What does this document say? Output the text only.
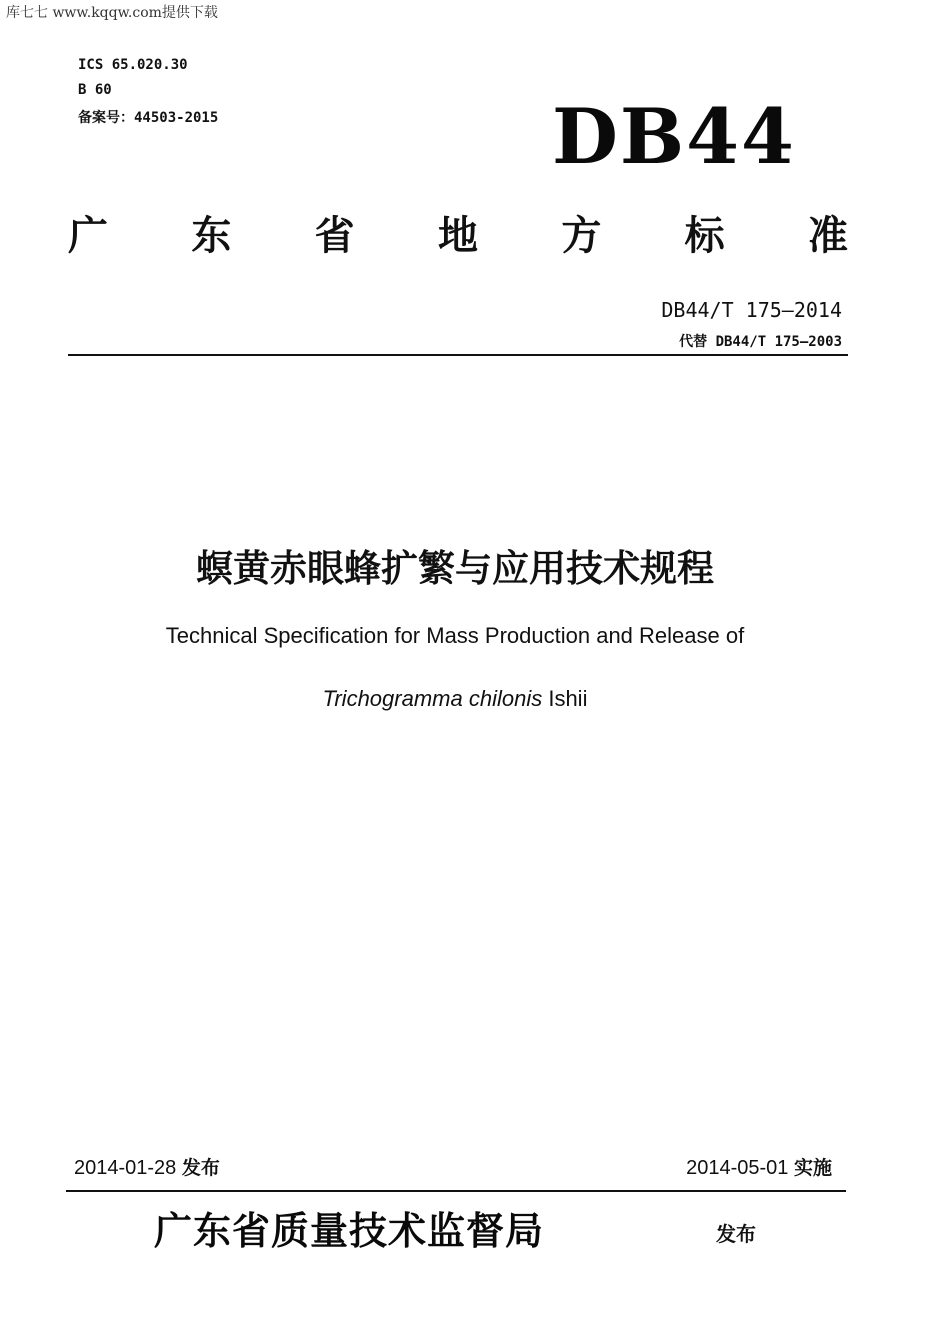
库七七 www.kqqw.com提供下载
ICS 65.020.30
B 60
备案号：44503-2015	DB44
广 东 省 地 方 标 准
DB44/T 175—2014
代替 DB44/T 175—2003
螟黄赤眼蜂扩繁与应用技术规程
Technical Specification for Mass Production and Release of
Trichogramma chilonis Ishii
2014-01-28 发布	2014-05-01 实施
广东省质量技术监督局	发布
